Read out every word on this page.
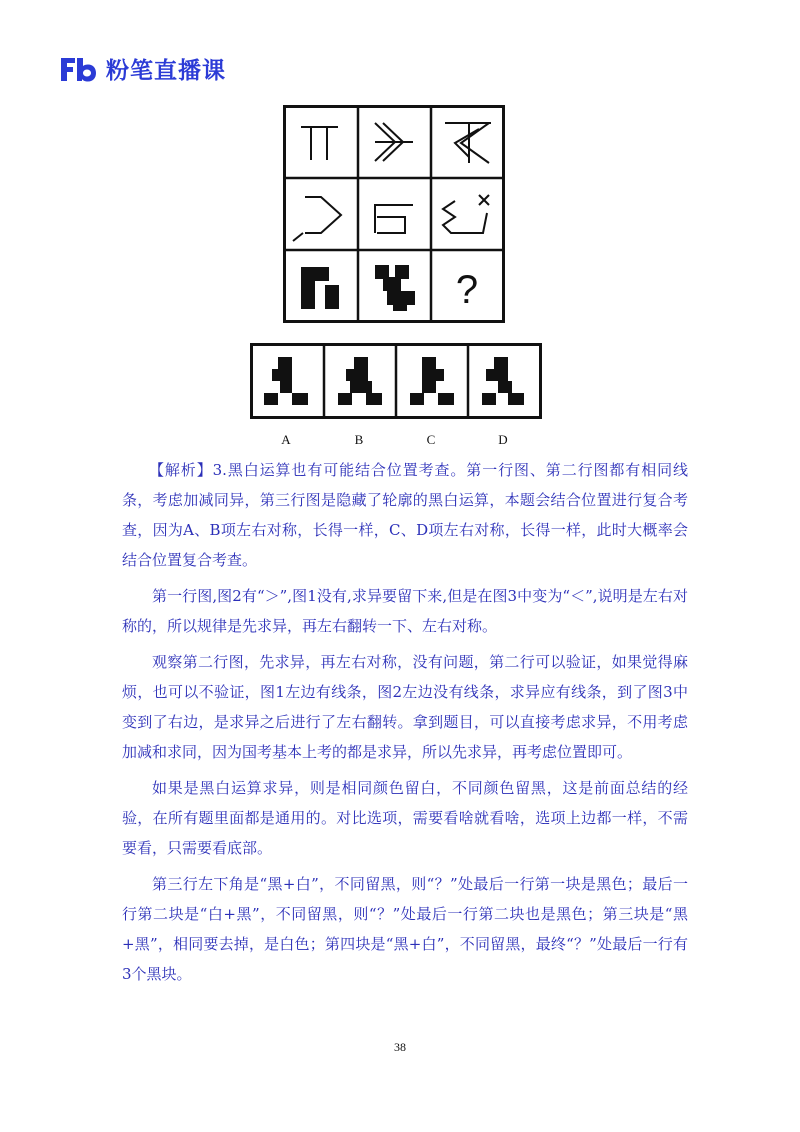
粉笔直播课
?
A	B	C	D

【解析】3.黑白运算也有可能结合位置考查。第一行图、第二行图都有相同线条，考虑加减同异，第三行图是隐藏了轮廓的黑白运算，本题会结合位置进行复合考查，因为A、B项左右对称，长得一样，C、D项左右对称，长得一样，此时大概率会结合位置复合考查。

第一行图,图2有“＞”,图1没有,求异要留下来,但是在图3中变为“＜”,说明是左右对称的，所以规律是先求异，再左右翻转一下、左右对称。

观察第二行图，先求异，再左右对称，没有问题，第二行可以验证，如果觉得麻烦，也可以不验证，图1左边有线条，图2左边没有线条，求异应有线条，到了图3中变到了右边，是求异之后进行了左右翻转。拿到题目，可以直接考虑求异，不用考虑加减和求同，因为国考基本上考的都是求异，所以先求异，再考虑位置即可。

如果是黑白运算求异，则是相同颜色留白，不同颜色留黑，这是前面总结的经验，在所有题里面都是通用的。对比选项，需要看啥就看啥，选项上边都一样，不需要看，只需要看底部。

第三行左下角是“黑+白”，不同留黑，则“？”处最后一行第一块是黑色；最后一行第二块是“白+黑”，不同留黑，则“？”处最后一行第二块也是黑色；第三块是“黑+黑”，相同要去掉，是白色；第四块是“黑+白”，不同留黑，最终“？”处最后一行有3个黑块。

38
